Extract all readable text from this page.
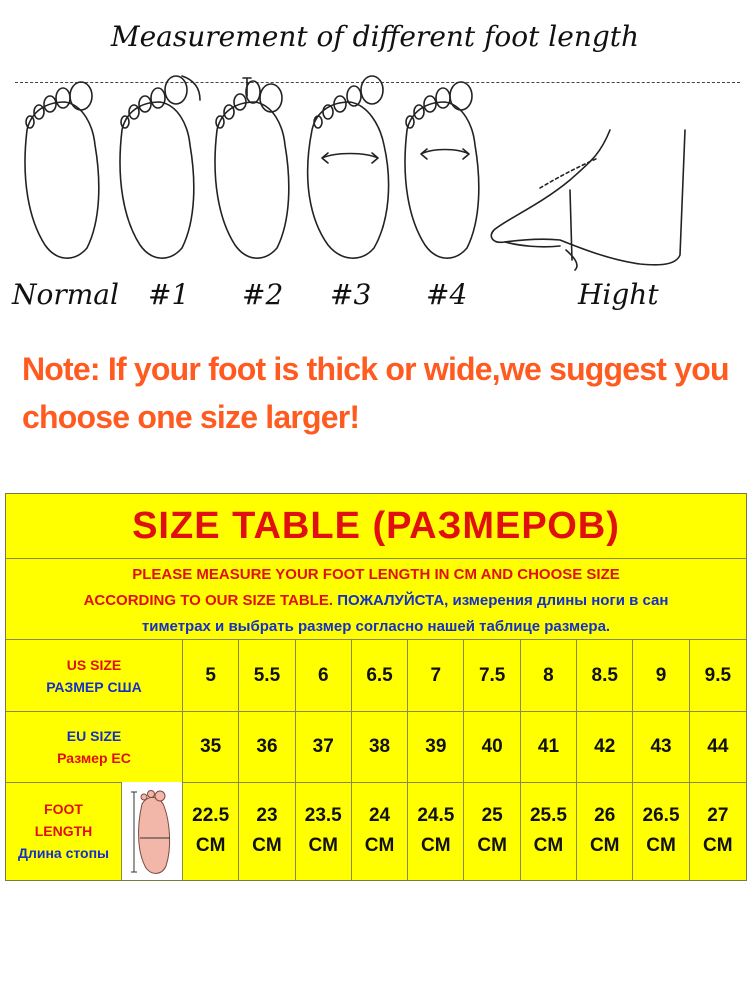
Measurement of different foot length
Normal #1 #2 #3 #4	Hight
Note: If your foot is thick or wide,we suggest you
choose one size larger!
SIZE TABLE (РАЗМЕРОВ)
PLEASE MEASURE YOUR FOOT LENGTH IN CM AND CHOOSE SIZE
ACCORDING TO OUR SIZE TABLE. ПОЖАЛУЙСТА, измерения длины ноги в сан
тиметрах и выбрать размер согласно нашей таблице размера.
US SIZE
РАЗМЕР США
5 5.5 6 6.5 7 7.5 8 8.5 9 9.5
EU SIZE
Размер ЕС
35 36 37 38 39 40 41 42 43 44
FOOT
LENGTH
Длина стопы
22.5
CM
23
CM
23.5
CM
24
CM
24.5
CM
25
CM
25.5
CM
26
CM
26.5
CM
27
CM
